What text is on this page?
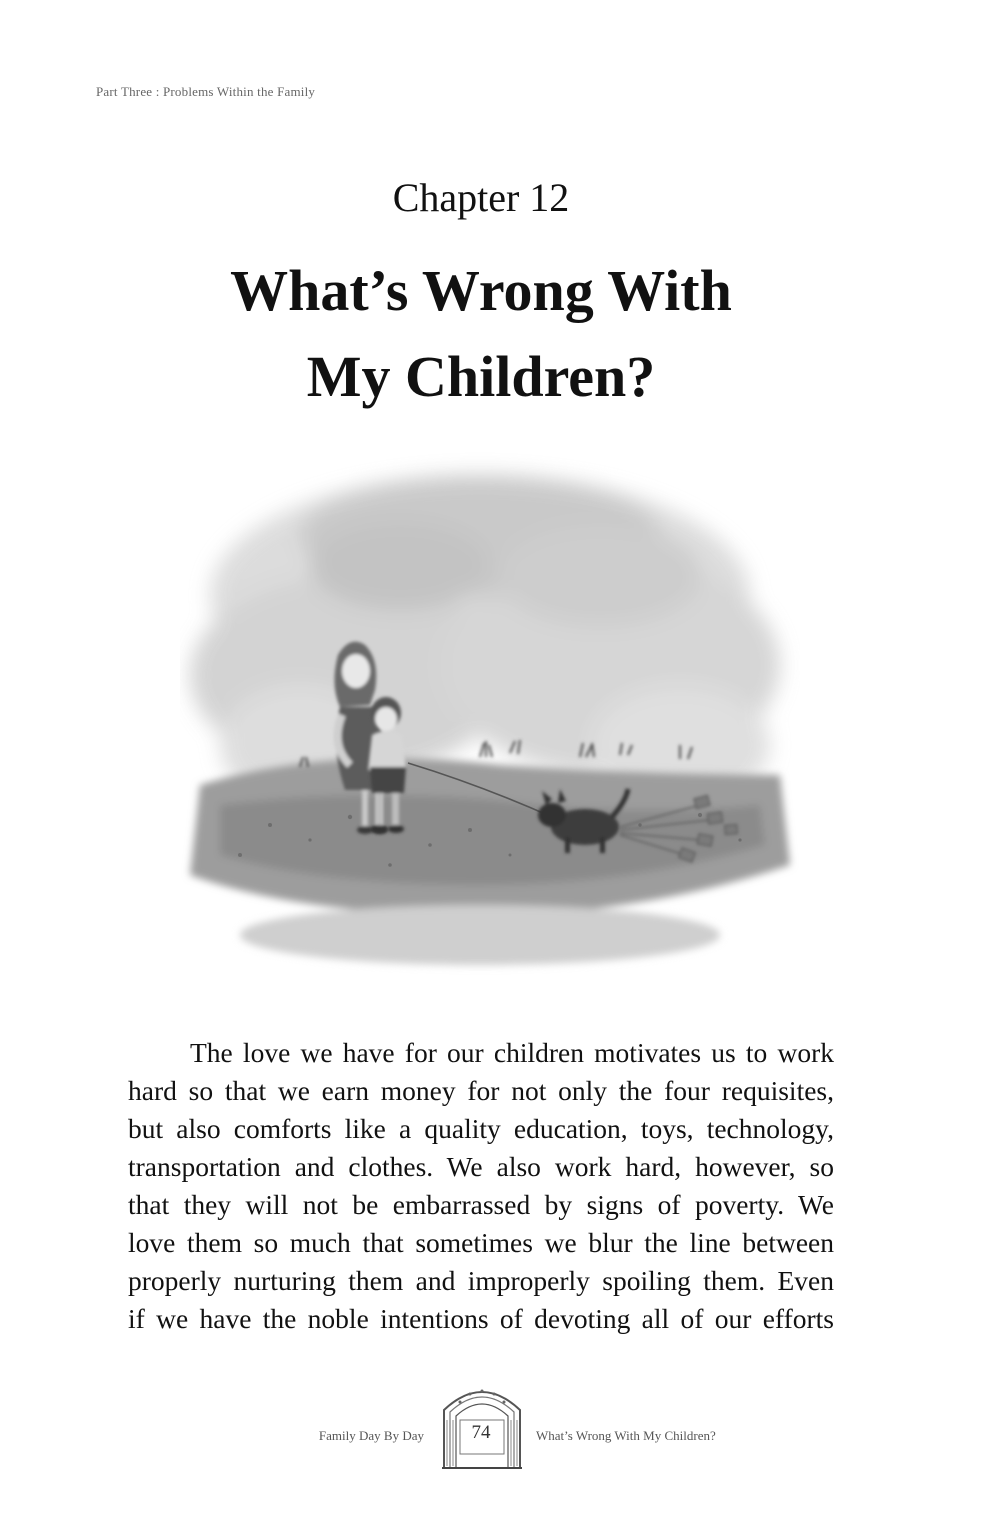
Part Three : Problems Within the Family
Chapter 12
What’s Wrong With
My Children?
The love we have for our children motivates us to work
hard so that we earn money for not only the four requisites,
but also comforts like a quality education, toys, technology,
transportation and clothes. We also work hard, however, so
that they will not be embarrassed by signs of poverty. We
love them so much that sometimes we blur the line between
properly nurturing them and improperly spoiling them. Even
if we have the noble intentions of devoting all of our efforts
Family Day By Day	74	What’s Wrong With My Children?
